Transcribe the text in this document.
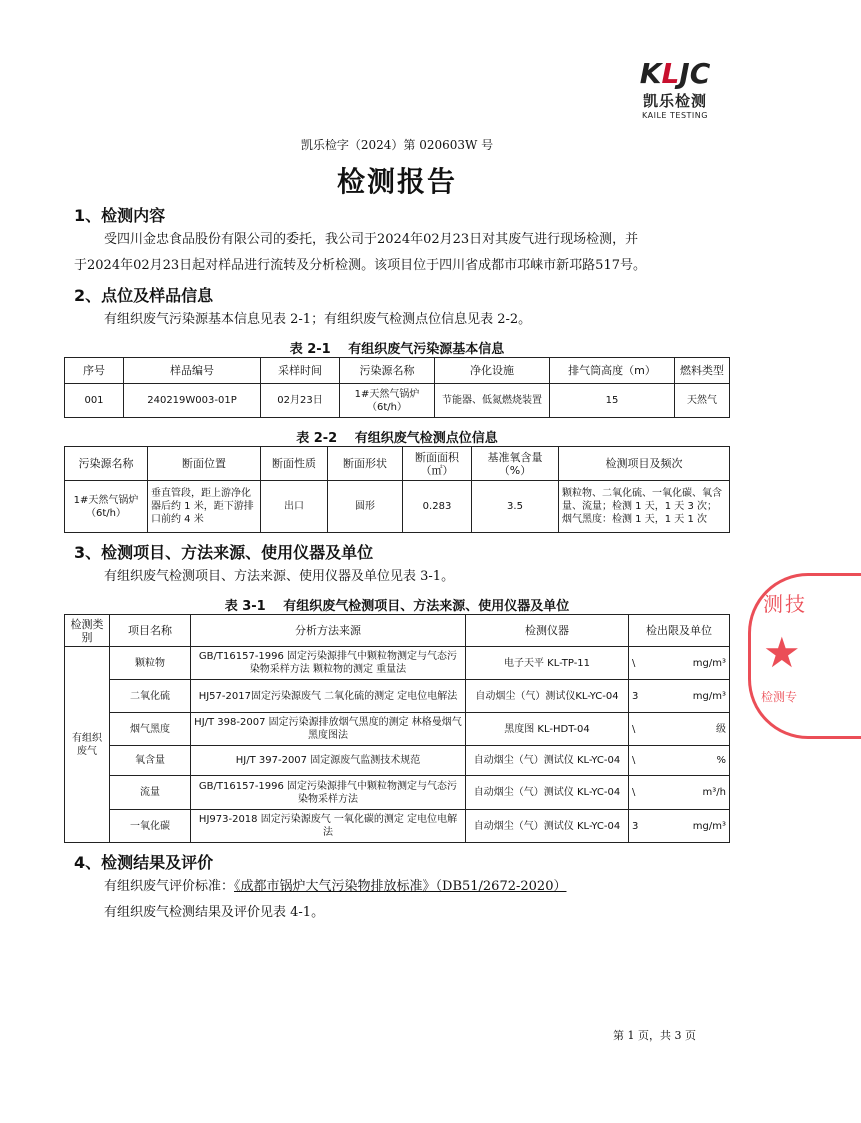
KLJC
凯乐检测
KAILE TESTING
凯乐检字（2024）第 020603W 号
检测报告
1、检测内容
受四川金忠食品股份有限公司的委托，我公司于2024年02月23日对其废气进行现场检测，并
于2024年02月23日起对样品进行流转及分析检测。该项目位于四川省成都市邛崃市新邛路517号。
2、点位及样品信息
有组织废气污染源基本信息见表 2-1；有组织废气检测点位信息见表 2-2。
表 2-1　 有组织废气污染源基本信息
序号	样品编号	采样时间	污染源名称	净化设施	排气筒高度（m）	燃料类型
001	240219W003-01P	02月23日	1#天然气锅炉（6t/h）	节能器、低氮燃烧装置	15	天然气
表 2-2　 有组织废气检测点位信息
污染源名称	断面位置	断面性质	断面形状	断面面积（㎡）	基准氧含量（%）	检测项目及频次
1#天然气锅炉（6t/h）	垂直管段，距上游净化器后约 1 米，距下游排口前约 4 米	出口	圆形	0.283	3.5	颗粒物、二氧化硫、一氧化碳、氧含量、流量；检测 1 天，1 天 3 次；烟气黑度：检测 1 天，1 天 1 次
3、检测项目、方法来源、使用仪器及单位
有组织废气检测项目、方法来源、使用仪器及单位见表 3-1。
表 3-1　 有组织废气检测项目、方法来源、使用仪器及单位
检测类别	项目名称	分析方法来源	检测仪器	检出限及单位
有组织废气	颗粒物	GB/T16157-1996 固定污染源排气中颗粒物测定与气态污染物采样方法 颗粒物的测定 重量法	电子天平 KL-TP-11	\ mg/m³

	二氧化硫	HJ57-2017固定污染源废气 二氧化硫的测定 定电位电解法	自动烟尘（气）测试仪KL-YC-04	3 mg/m³

	烟气黑度	HJ/T 398-2007 固定污染源排放烟气黑度的测定 林格曼烟气黑度图法	黑度图 KL-HDT-04	\ 级

	氧含量	HJ/T 397-2007 固定源废气监测技术规范	自动烟尘（气）测试仪 KL-YC-04	\ %

	流量	GB/T16157-1996 固定污染源排气中颗粒物测定与气态污染物采样方法	自动烟尘（气）测试仪 KL-YC-04	\ m³/h

	一氧化碳	HJ973-2018 固定污染源废气 一氧化碳的测定 定电位电解法	自动烟尘（气）测试仪 KL-YC-04	3 mg/m³
4、检测结果及评价
有组织废气评价标准：《成都市锅炉大气污染物排放标准》（DB51/2672-2020）
有组织废气检测结果及评价见表 4-1。
测技
★
检测专
第 1 页，共 3 页
